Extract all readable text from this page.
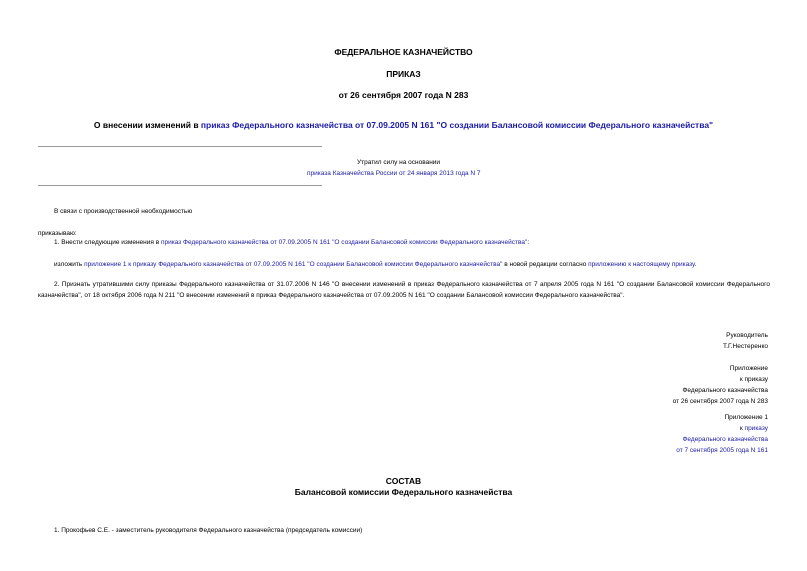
ФЕДЕРАЛЬНОЕ КАЗНАЧЕЙСТВО
ПРИКАЗ
от 26 сентября 2007 года N 283
О внесении изменений в приказ Федерального казначейства от 07.09.2005 N 161 "О создании Балансовой комиссии Федерального казначейства"
Утратил силу на основании
приказа Казначейства России от 24 января 2013 года N 7
В связи с производственной необходимостью
приказываю:
1. Внести следующие изменения в приказ Федерального казначейства от 07.09.2005 N 161 "О создании Балансовой комиссии Федерального казначейства":
изложить приложение 1 к приказу Федерального казначейства от 07.09.2005 N 161 "О создании Балансовой комиссии Федерального казначейства" в новой редакции согласно приложению к настоящему приказу.
2. Признать утратившими силу приказы Федерального казначейства от 31.07.2006 N 146 "О внесении изменений в приказ Федерального казначейства от 7 апреля 2005 года N 161 "О создании Балансовой комиссии Федерального казначейства", от 18 октября 2006 года N 211 "О внесении изменений в приказ Федерального казначейства от 07.09.2005 N 161 "О создании Балансовой комиссии Федерального казначейства".
Руководитель
Т.Г.Нестеренко
Приложение
к приказу
Федерального казначейства
от 26 сентября 2007 года N 283
Приложение 1
к приказу
Федерального казначейства
от 7 сентября 2005 года N 161
СОСТАВ
Балансовой комиссии Федерального казначейства
1. Прокофьев С.Е. - заместитель руководителя Федерального казначейства (председатель комиссии)
